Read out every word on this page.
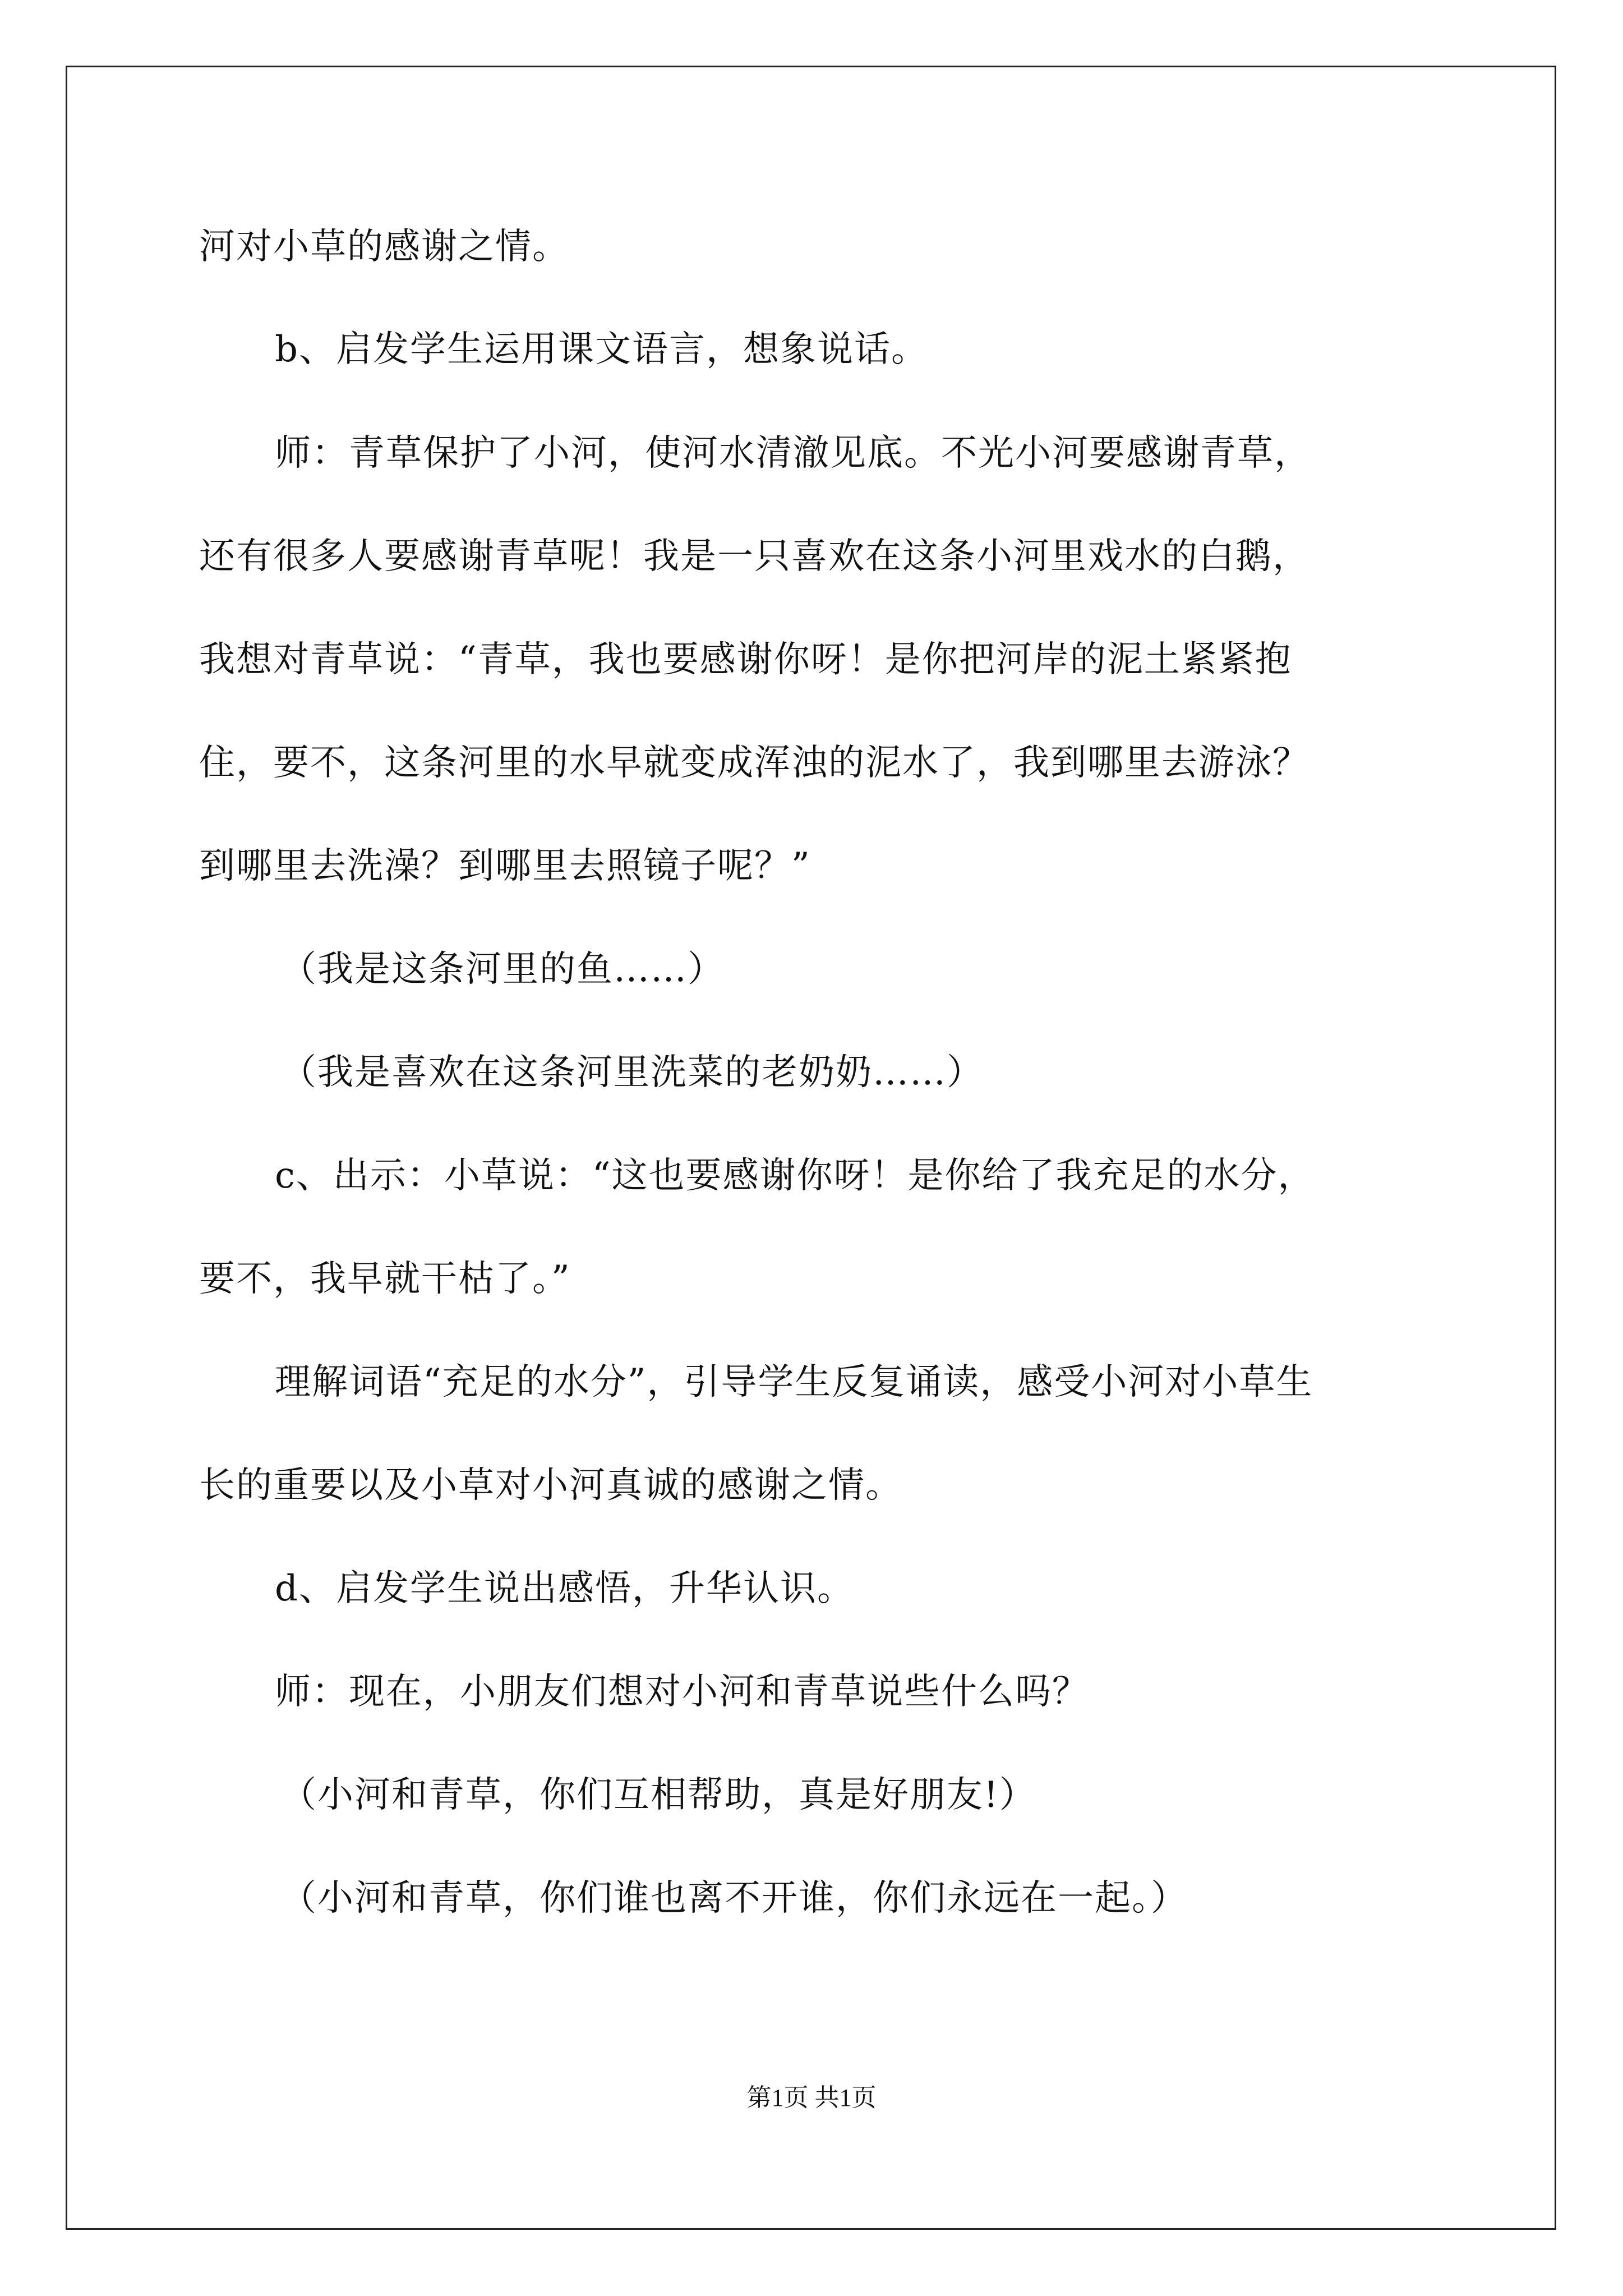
河对小草的感谢之情。
b、启发学生运用课文语言，想象说话。
师：青草保护了小河，使河水清澈见底。不光小河要感谢青草，
还有很多人要感谢青草呢！我是一只喜欢在这条小河里戏水的白鹅，
我想对青草说：“青草，我也要感谢你呀！是你把河岸的泥土紧紧抱
住，要不，这条河里的水早就变成浑浊的泥水了，我到哪里去游泳？
到哪里去洗澡？到哪里去照镜子呢？”
（我是这条河里的鱼……）
（我是喜欢在这条河里洗菜的老奶奶……）
c、出示：小草说：“这也要感谢你呀！是你给了我充足的水分，
要不，我早就干枯了。”
理解词语“充足的水分”，引导学生反复诵读，感受小河对小草生
长的重要以及小草对小河真诚的感谢之情。
d、启发学生说出感悟，升华认识。
师：现在，小朋友们想对小河和青草说些什么吗？
（小河和青草，你们互相帮助，真是好朋友!）
（小河和青草，你们谁也离不开谁，你们永远在一起。）
第1页 共1页
